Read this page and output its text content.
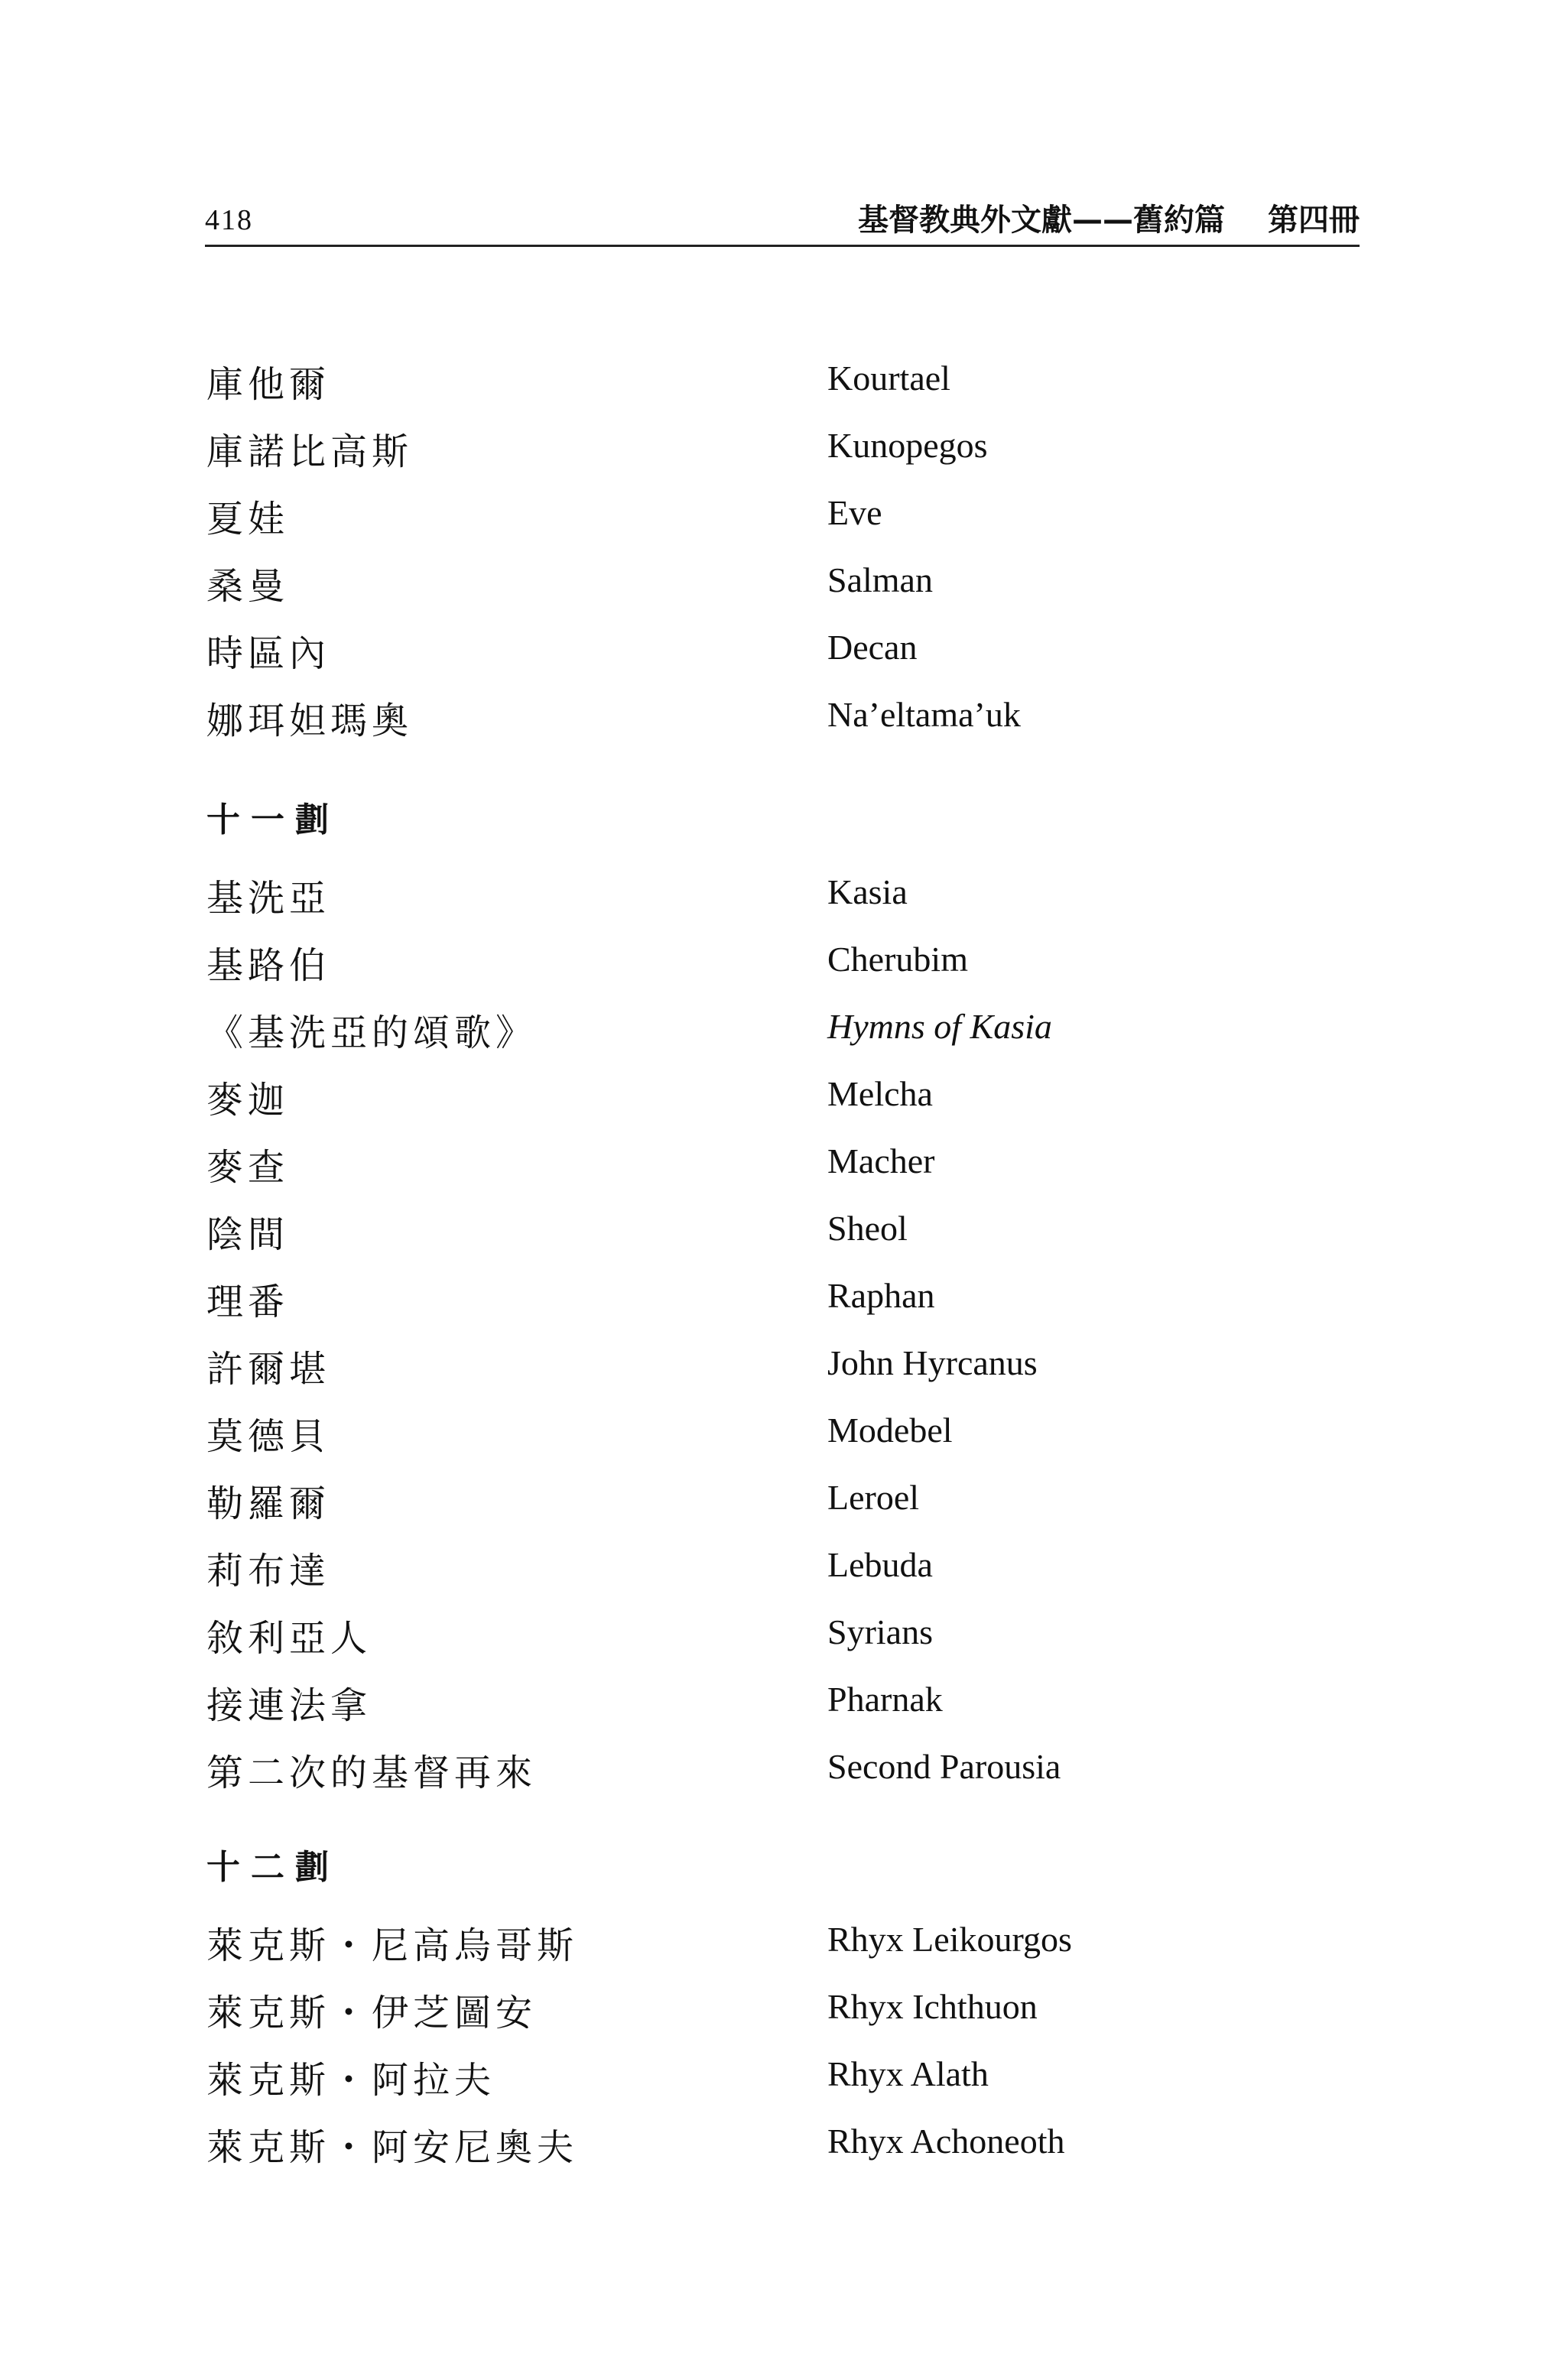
418	基督教典外文獻——舊約篇 第四冊
庫他爾	Kourtael
庫諾比高斯	Kunopegos
夏娃	Eve
桑曼	Salman
時區內	Decan
娜珥妲瑪奧	Na’eltama’uk
十一劃
基洗亞	Kasia
基路伯	Cherubim
《基洗亞的頌歌》	Hymns of Kasia
麥迦	Melcha
麥查	Macher
陰間	Sheol
理番	Raphan
許爾堪	John Hyrcanus
莫德貝	Modebel
勒羅爾	Leroel
莉布達	Lebuda
敘利亞人	Syrians
接連法拿	Pharnak
第二次的基督再來	Second Parousia
十二劃
萊克斯・尼高烏哥斯	Rhyx Leikourgos
萊克斯・伊芝圖安	Rhyx Ichthuon
萊克斯・阿拉夫	Rhyx Alath
萊克斯・阿安尼奧夫	Rhyx Achoneoth
